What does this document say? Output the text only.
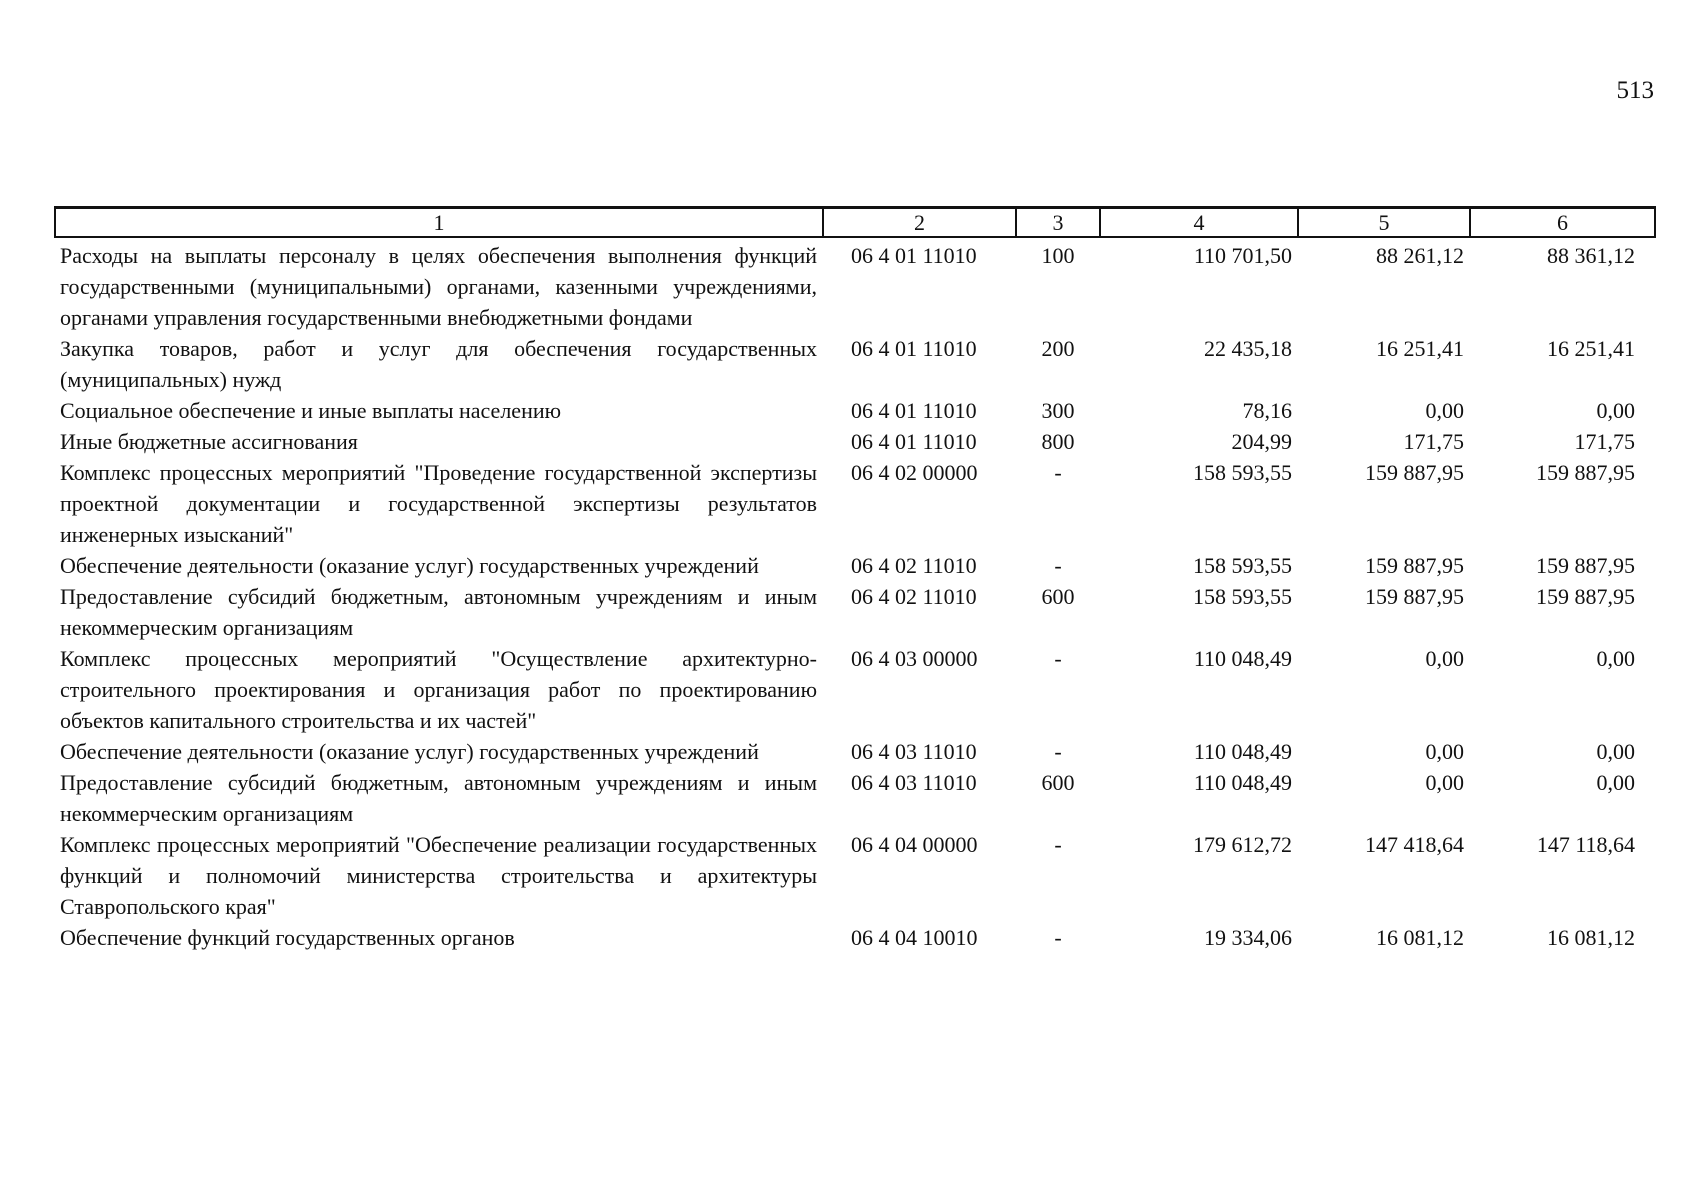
513
1	2	3	4	5	6
Расходы на выплаты персоналу в целях обеспечения выполнения функций государственными (муниципальными) органами, казенными учреждениями, органами управления государственными внебюджетными фондами	06 4 01 11010	100	110 701,50	88 261,12	88 361,12
Закупка товаров, работ и услуг для обеспечения государственных (муниципальных) нужд	06 4 01 11010	200	22 435,18	16 251,41	16 251,41
Социальное обеспечение и иные выплаты населению	06 4 01 11010	300	78,16	0,00	0,00
Иные бюджетные ассигнования	06 4 01 11010	800	204,99	171,75	171,75
Комплекс процессных мероприятий "Проведение государственной экспертизы проектной документации и государственной экспертизы результатов инженерных изысканий"	06 4 02 00000	-	158 593,55	159 887,95	159 887,95
Обеспечение деятельности (оказание услуг) государственных учреждений	06 4 02 11010	-	158 593,55	159 887,95	159 887,95
Предоставление субсидий бюджетным, автономным учреждениям и иным некоммерческим организациям	06 4 02 11010	600	158 593,55	159 887,95	159 887,95
Комплекс процессных мероприятий "Осуществление архитектурно-строительного проектирования и организация работ по проектированию объектов капитального строительства и их частей"	06 4 03 00000	-	110 048,49	0,00	0,00
Обеспечение деятельности (оказание услуг) государственных учреждений	06 4 03 11010	-	110 048,49	0,00	0,00
Предоставление субсидий бюджетным, автономным учреждениям и иным некоммерческим организациям	06 4 03 11010	600	110 048,49	0,00	0,00
Комплекс процессных мероприятий "Обеспечение реализации государственных функций и полномочий министерства строительства и архитектуры Ставропольского края"	06 4 04 00000	-	179 612,72	147 418,64	147 118,64
Обеспечение функций государственных органов	06 4 04 10010	-	19 334,06	16 081,12	16 081,12
